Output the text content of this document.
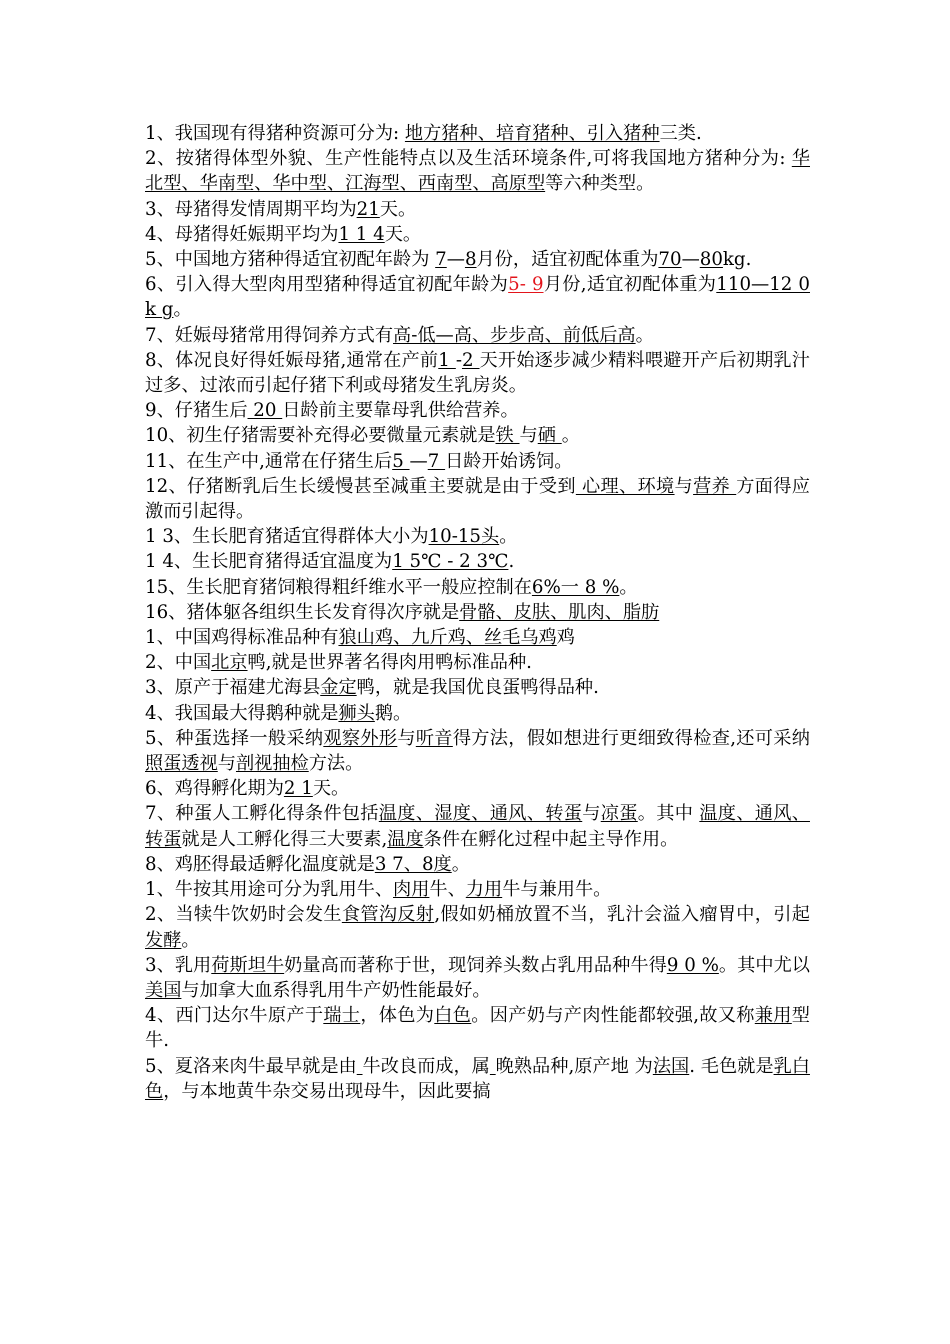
1、我国现有得猪种资源可分为: 地方猪种、培育猪种、引入猪种三类.

2、按猪得体型外貌、生产性能特点以及生活环境条件,可将我国地方猪种分为: 华北型、华南型、华中型、江海型、西南型、高原型等六种类型。

3、母猪得发情周期平均为21天。

4、母猪得妊娠期平均为1 1 4天。

5、中国地方猪种得适宜初配年龄为 7—8月份，适宜初配体重为70—80kg.

6、引入得大型肉用型猪种得适宜初配年龄为5- 9月份,适宜初配体重为110—12 0 k g。

7、妊娠母猪常用得饲养方式有高-低—高、步步高、前低后高。

8、体况良好得妊娠母猪,通常在产前1 -2 天开始逐步减少精料喂避开产后初期乳汁过多、过浓而引起仔猪下利或母猪发生乳房炎。

9、仔猪生后 20 日龄前主要靠母乳供给营养。

10、初生仔猪需要补充得必要微量元素就是铁 与硒 。

11、在生产中,通常在仔猪生后5 —7 日龄开始诱饲。

12、仔猪断乳后生长缓慢甚至减重主要就是由于受到 心理、环境与营养 方面得应激而引起得。

1 3、生长肥育猪适宜得群体大小为10-15头。

1 4、生长肥育猪得适宜温度为1 5℃ - 2 3℃.

15、生长肥育猪饲粮得粗纤维水平一般应控制在6%一 8 %。

16、猪体躯各组织生长发育得次序就是骨骼、皮肤、肌肉、脂肪

1、中国鸡得标准品种有狼山鸡、九斤鸡、丝毛乌鸡鸡

2、中国北京鸭,就是世界著名得肉用鸭标准品种.

3、原产于福建尤海县金定鸭，就是我国优良蛋鸭得品种.

4、我国最大得鹅种就是狮头鹅。

5、种蛋选择一般采纳观察外形与听音得方法，假如想进行更细致得检查,还可采纳照蛋透视与剖视抽检方法。

6、鸡得孵化期为2 1天。

7、种蛋人工孵化得条件包括温度、湿度、通风、转蛋与凉蛋。其中 温度、通风、转蛋就是人工孵化得三大要素,温度条件在孵化过程中起主导作用。

8、鸡胚得最适孵化温度就是3 7、8度。

1、牛按其用途可分为乳用牛、肉用牛、力用牛与兼用牛。

2、当犊牛饮奶时会发生食管沟反射,假如奶桶放置不当，乳汁会溢入瘤胃中，引起发酵。

3、乳用荷斯坦牛奶量高而著称于世，现饲养头数占乳用品种牛得9 0 %。其中尤以美国与加拿大血系得乳用牛产奶性能最好。

4、西门达尔牛原产于瑞士，体色为白色。因产奶与产肉性能都较强,故又称兼用型牛.

5、夏洛来肉牛最早就是由 牛改良而成，属 晚熟品种,原产地 为法国. 毛色就是乳白色，与本地黄牛杂交易出现母牛，因此要搞
